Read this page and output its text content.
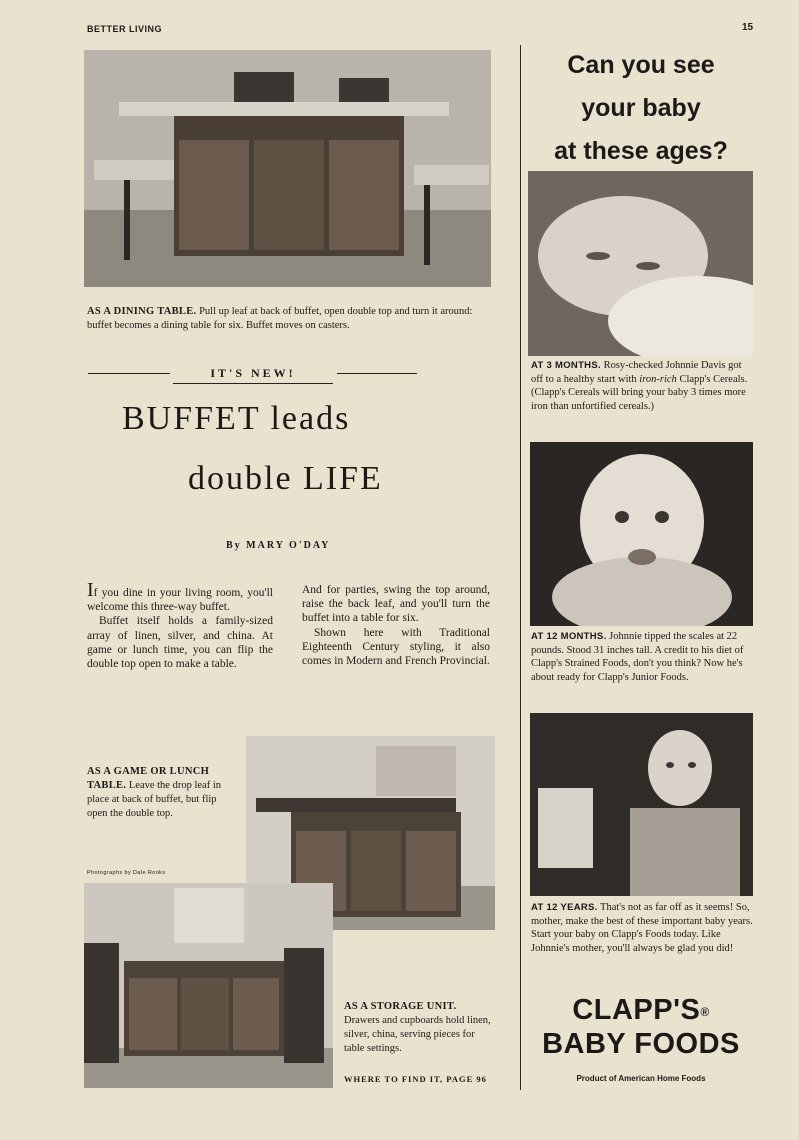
BETTER LIVING	15
AS A DINING TABLE. Pull up leaf at back of buffet, open double top and turn it around: buffet becomes a dining table for six. Buffet moves on casters.
IT'S NEW!
BUFFET leads
double LIFE
By MARY O'DAY

If you dine in your living room, you'll welcome this three-way buffet.

Buffet itself holds a family-sized array of linen, silver, and china. At game or lunch time, you can flip the double top open to make a table.

And for parties, swing the top around, raise the back leaf, and you'll turn the buffet into a table for six.

Shown here with Traditional Eighteenth Century styling, it also comes in Modern and French Provincial.

AS A GAME OR LUNCH TABLE. Leave the drop leaf in place at back of buffet, but flip open the double top.
Photographs by Dale Rooks
AS A STORAGE UNIT. Drawers and cupboards hold linen, silver, china, serving pieces for table settings.
WHERE TO FIND IT, PAGE 96
Can you see
your baby
at these ages?
AT 3 MONTHS. Rosy-checked Johnnie Davis got off to a healthy start with iron-rich Clapp's Cereals. (Clapp's Cereals will bring your baby 3 times more iron than unfortified cereals.)
AT 12 MONTHS. Johnnie tipped the scales at 22 pounds. Stood 31 inches tall. A credit to his diet of Clapp's Strained Foods, don't you think? Now he's about ready for Clapp's Junior Foods.
AT 12 YEARS. That's not as far off as it seems! So, mother, make the best of these important baby years. Start your baby on Clapp's Foods today. Like Johnnie's mother, you'll always be glad you did!
CLAPP'S®
BABY FOODS
Product of American Home Foods
